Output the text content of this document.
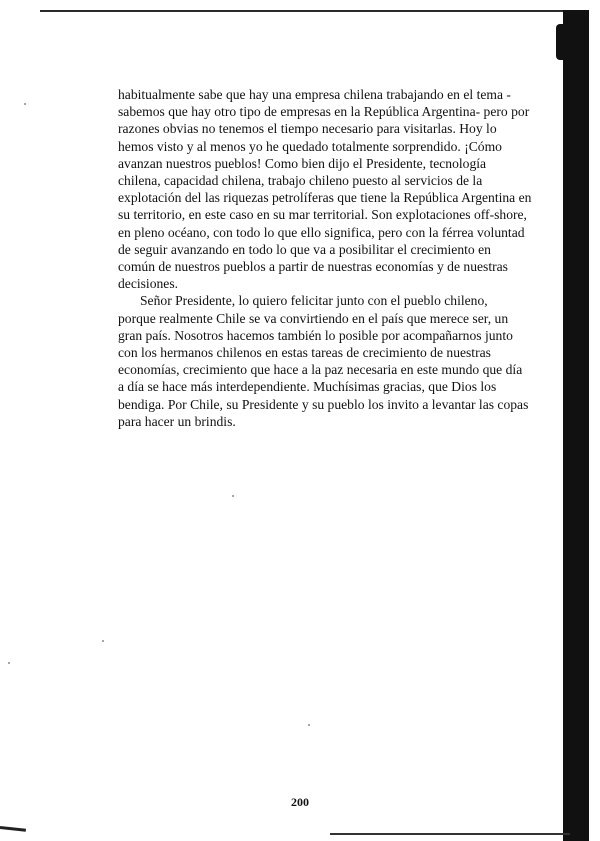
habitualmente sabe que hay una empresa chilena trabajando en el tema -
sabemos que hay otro tipo de empresas en la República Argentina- pero por
razones obvias no tenemos el tiempo necesario para visitarlas. Hoy lo
hemos visto y al menos yo he quedado totalmente sorprendido. ¡Cómo
avanzan nuestros pueblos! Como bien dijo el Presidente, tecnología
chilena, capacidad chilena, trabajo chileno puesto al servicios de la
explotación del las riquezas petrolíferas que tiene la República Argentina en
su territorio, en este caso en su mar territorial. Son explotaciones off-shore,
en pleno océano, con todo lo que ello significa, pero con la férrea voluntad
de seguir avanzando en todo lo que va a posibilitar el crecimiento en
común de nuestros pueblos a partir de nuestras economías y de nuestras
decisiones.

Señor Presidente, lo quiero felicitar junto con el pueblo chileno,
porque realmente Chile se va convirtiendo en el país que merece ser, un
gran país. Nosotros hacemos también lo posible por acompañarnos junto
con los hermanos chilenos en estas tareas de crecimiento de nuestras
economías, crecimiento que hace a la paz necesaria en este mundo que día
a día se hace más interdependiente. Muchísimas gracias, que Dios los
bendiga. Por Chile, su Presidente y su pueblo los invito a levantar las copas
para hacer un brindis.

200
